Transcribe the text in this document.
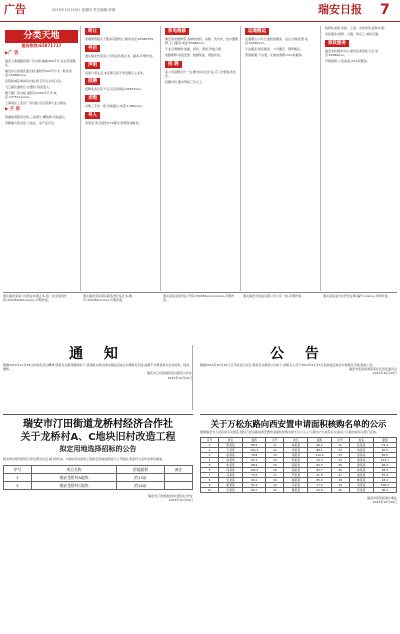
广告	2015年10月29日 星期四 责任编辑:李珊	瑞安日报 7
分类天地
服务热线:65871717
▶广 告

瑞安上海港路招商广告出租:铺面300平米,有意者请联系。

瑞安东山街道店面出租:面积约100平方米。联系电话:15968xxxx。

安阳新城区单间房出租:厨卫齐全,拎包入住。

飞云镇店面转让:位置好,客流量大。

塘下镇厂房出租:面积约2000平方米,电话:13757xxxxxx。

上海南区工业区厂房出租:有意者请与业主联系。

▶ 子 房

锦湖街道套房出售:三室两厅,精装修,价格面议。

莘塍镇大院出售:土地证、房产证齐全。

转让

泰顺保管箱头子服务有限转让:联系电话:65880335。

寻启

遗失瑞安市某某公司营业执照正本、副本,声明作废。

声明

各商户请注意,本店即日起不再受理以上业务。

招聘

招聘业务员若干名,有意者联系:65875xxx。

求购

求购二手房一套,价格面议,电话:1386xxxx。

寻人

某某某,男,身高约170厘米,知情者请联系。

家电维修

瑞安家电维修部:各种电视机、冰箱、洗衣机、热水器维修,上门服务,电话:65880xxx。

专业空调维修:加氟、移机、清洗,价格合理。

电脑维修:系统安装、数据恢复、网络布线。

招 聘

某公司招聘会计一名,要求持有会计证,有工作经验者优先。

招聘司机,要求驾龄三年以上。

运通搬运

运通搬运公司:长途短途搬家、货运,价格优惠,电话:65891xxx。

专业搬家:居民搬家、公司搬迁、钢琴搬运。

管道疏通:下水道、化粪池清理,24小时服务。

装修队承接:家装、工装、水电改造,经验丰富。

家政服务:保姆、月嫂、钟点工,诚信可靠。

家政服务

瑞安家政服务中心:提供各类家政人员,电话:65860xxx。

开锁换锁:公安备案,24小时服务。

遗失瑞安某某公司营业执照正本,统一社会信用代码:330381000xxxxxx,声明作废。

遗失瑞安某某商店税务登记证正本,税号:330381xxxxxx,声明作废。

遗失某某某身份证,号码:330381xxxxxxxxxx,声明作废。

遗失瑞安市某某有限公司公章一枚,声明作废。	遗失某某某出生医学证明,编号:xxxxxx,声明作废。

通 知

根据2015年10月26日市政府会议精神,现将有关事项通知如下:请各相关单位按时到指定地点办理相关手续,逾期不办理者视为自动放弃。特此通知。

瑞安市汀田街道某某村经济合作社
2015年10月29日
公 告

根据2015年10月26日召开的会议决定,现将有关事项公告如下:请相关人员于2015年11月5日前到指定地点办理相关手续,特此公告。

瑞安市某某街道某某社区居民委员会
2015年10月29日
瑞安市汀田街道龙桥村经济合作社
关于龙桥村A、C地块旧村改造工程
拟定用地选择招标的公告

经龙桥村股份经济合作社研究决定,就龙桥村A、C地块旧村改造工程拟定用地选择进行公开招标,欢迎符合条件的单位参加。

序号	项目名称	用地面积	备注
1	瑞安龙桥村A地块	约13亩	
2	瑞安龙桥村C地块	约10亩	
瑞安市汀田街道龙桥村经济合作社
2015年10月29日
关于万松东路向西安置申请面积核购名单的公示

根据瑞安市人民政府有关规定,现将万松东路向西安置申请面积核购名单予以公示,公示期为7天,如有异议请在公示期内向有关部门反映。

序号	姓名	面积	序号	姓名	面积	序号	姓名	面积
1	陈某某	85.6	11	林某某	96.2	21	张某某	72.4
2	王某某	102.3	12	李某某	88.1	22	刘某某	90.5
3	赵某某	76.8	13	周某某	110.4	23	吴某某	84.0
4	孙某某	92.1	14	郑某某	79.3	24	黄某某	101.7
5	朱某某	88.9	15	胡某某	95.5	25	徐某某	66.2
6	何某某	104.2	16	高某某	82.7	26	林某某	98.3
7	马某某	73.5	17	罗某某	91.8	27	梁某某	87.6
8	宋某某	99.1	18	谢某某	85.0	28	韩某某	93.4
9	唐某某	81.4	19	冯某某	77.9	29	邓某某	106.5
10	许某某	89.7	20	曹某某	94.6	30	彭某某	80.2
瑞安市某某街道办事处
2015年10月29日
